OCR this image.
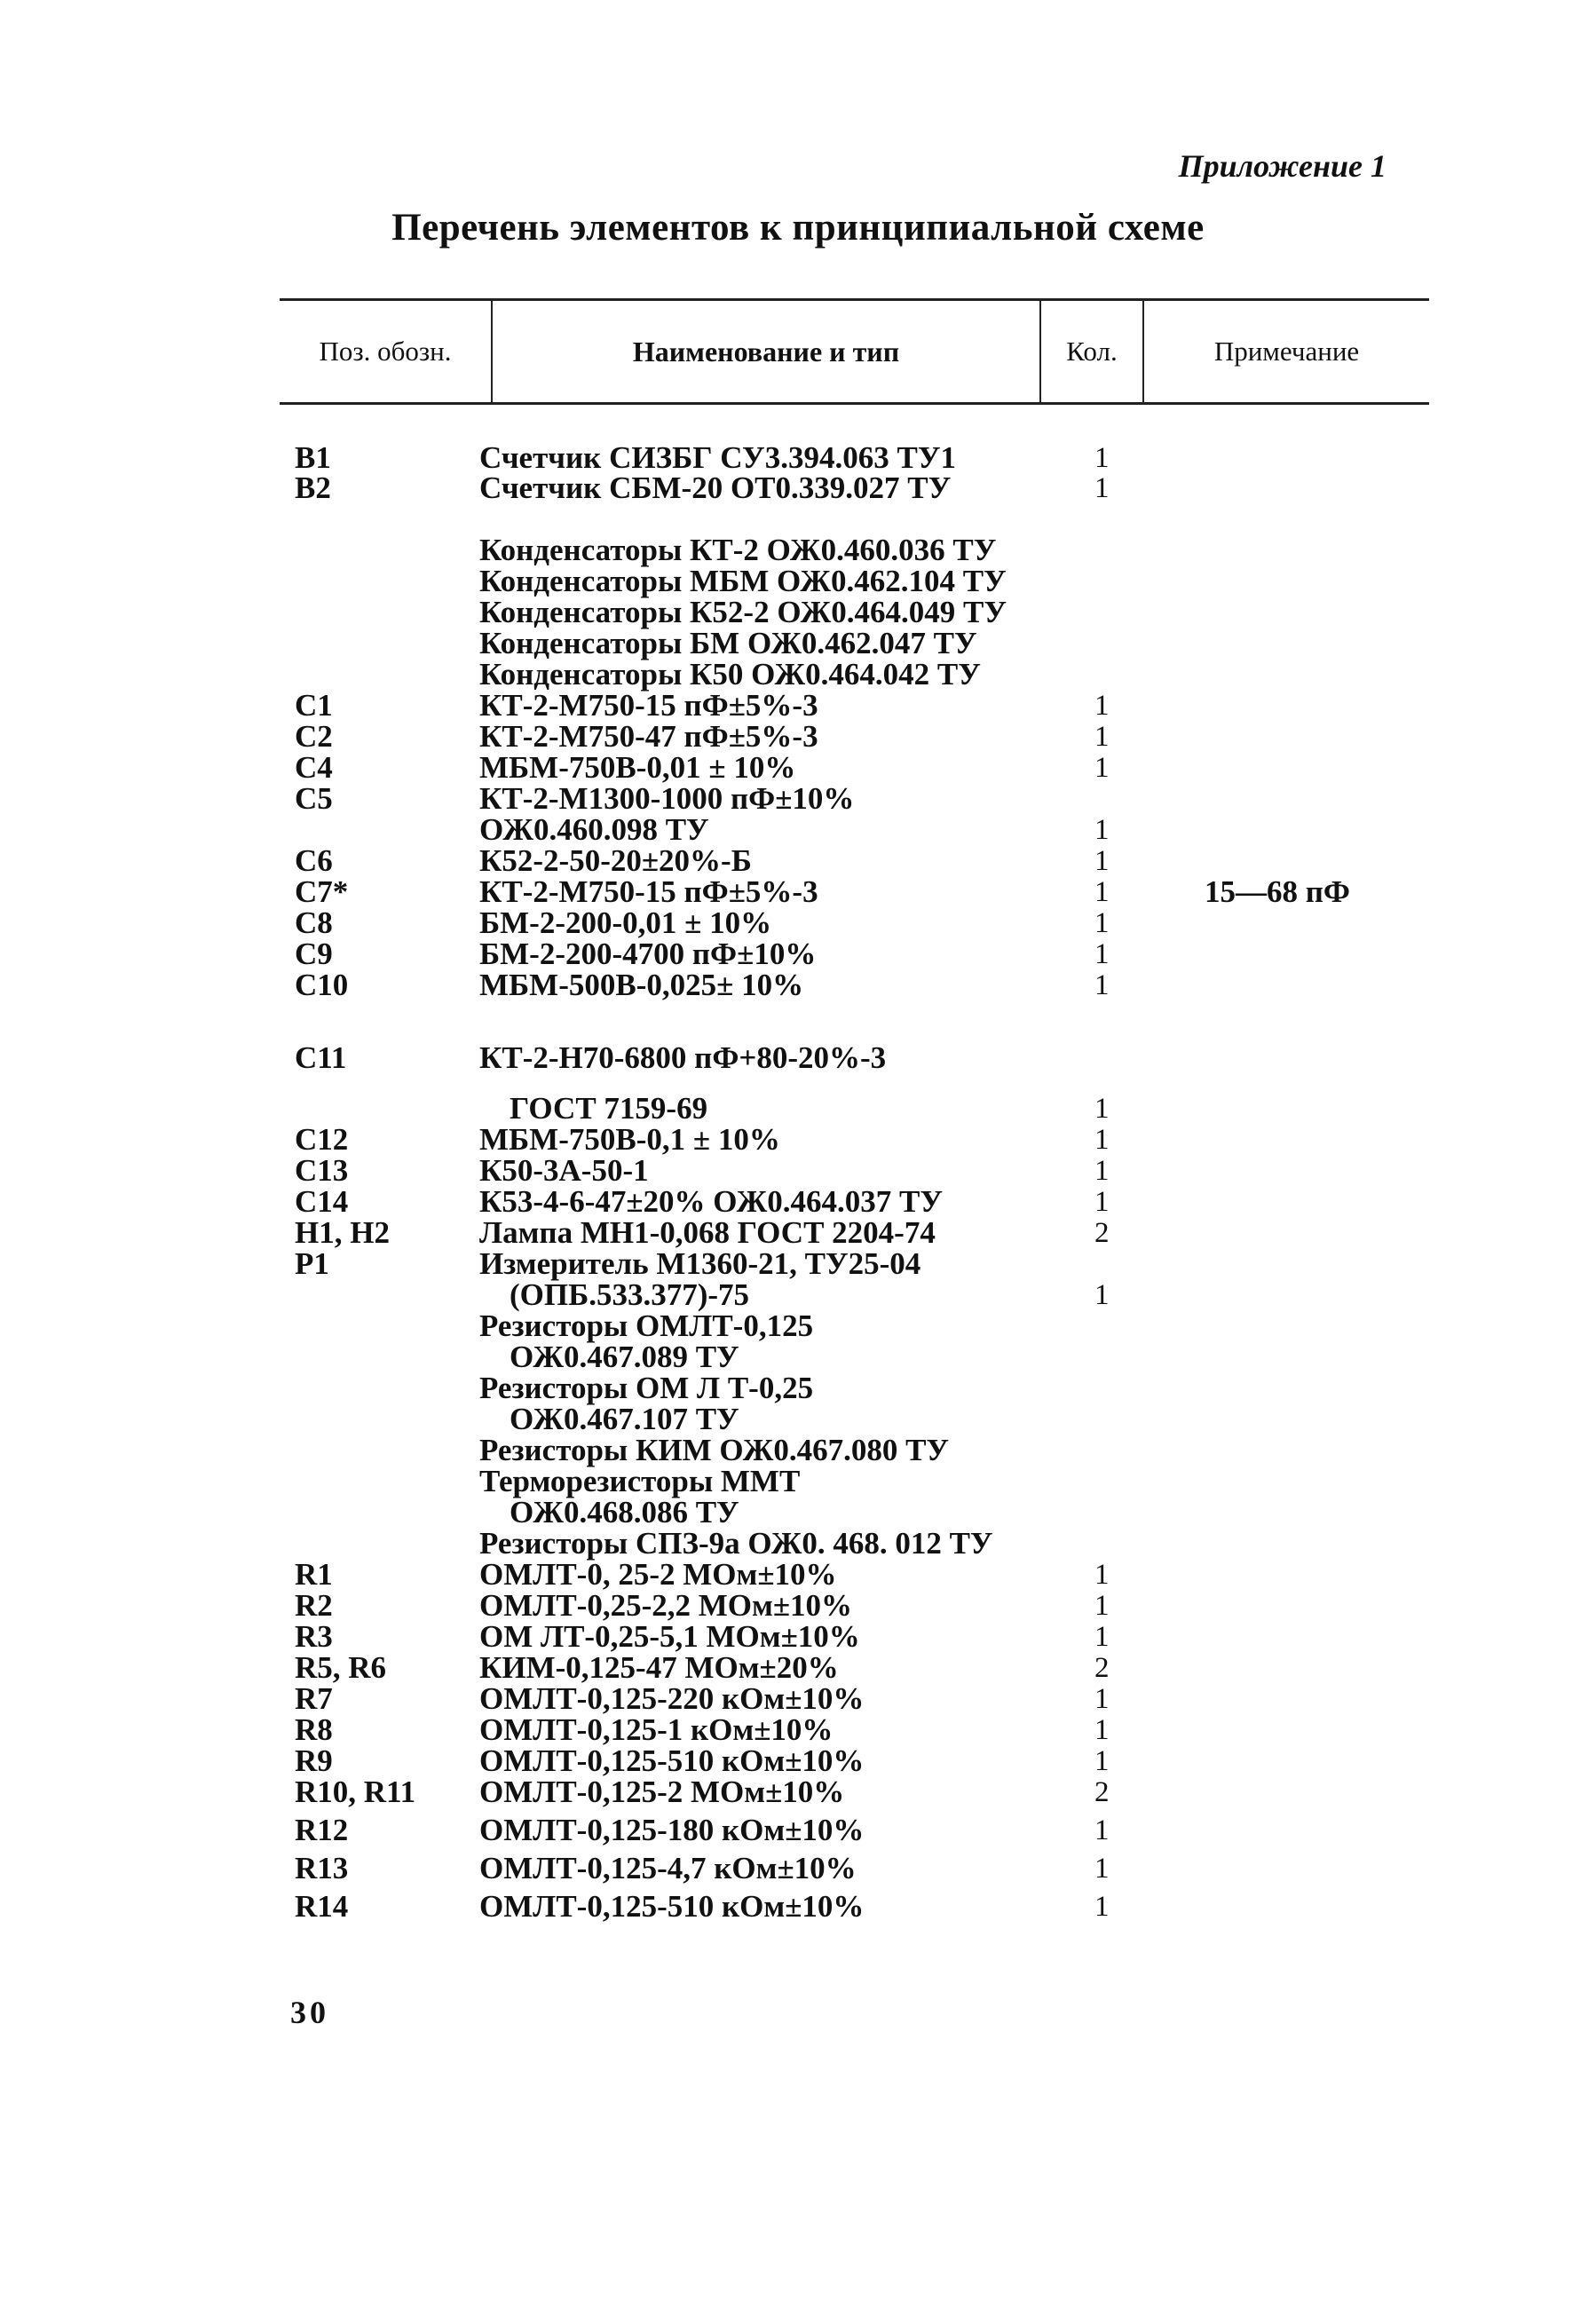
Приложение 1
Перечень элементов к принципиальной схеме
Поз. обозн.	Наименование и тип	Кол.	Примечание
B1	Счетчик СИЗБГ СУ3.394.063 ТУ1	1
B2	Счетчик СБМ-20 ОТ0.339.027 ТУ	1
Конденсаторы КТ-2 ОЖ0.460.036 ТУ
Конденсаторы МБМ ОЖ0.462.104 ТУ
Конденсаторы К52-2 ОЖ0.464.049 ТУ
Конденсаторы БМ ОЖ0.462.047 ТУ
Конденсаторы К50 ОЖ0.464.042 ТУ
C1	КТ-2-М750-15 пФ±5%-3	1
C2	КТ-2-М750-47 пФ±5%-3	1
C4	МБМ-750В-0,01 ± 10%	1
C5	КТ-2-М1300-1000 пФ±10%
ОЖ0.460.098 ТУ	1
C6	К52-2-50-20±20%-Б	1
C7*	КТ-2-М750-15 пФ±5%-3	1	15—68 пФ
C8	БМ-2-200-0,01 ± 10%	1
C9	БМ-2-200-4700 пФ±10%	1
C10	МБМ-500В-0,025± 10%	1
C11	КТ-2-Н70-6800 пФ+80-20%-3
ГОСТ 7159-69	1
C12	МБМ-750В-0,1 ± 10%	1
C13	К50-3А-50-1	1
C14	К53-4-6-47±20% ОЖ0.464.037 ТУ	1
H1, H2	Лампа МН1-0,068 ГОСТ 2204-74	2
P1	Измеритель М1360-21, ТУ25-04
(ОПБ.533.377)-75	1
Резисторы ОМЛТ-0,125
ОЖ0.467.089 ТУ
Резисторы ОМ Л Т-0,25
ОЖ0.467.107 ТУ
Резисторы КИМ ОЖ0.467.080 ТУ
Терморезисторы ММТ
ОЖ0.468.086 ТУ
Резисторы СПЗ-9а ОЖ0. 468. 012 ТУ
R1	ОМЛТ-0, 25-2 МОм±10%	1
R2	ОМЛТ-0,25-2,2 МОм±10%	1
R3	ОМ ЛТ-0,25-5,1 МОм±10%	1
R5, R6	КИМ-0,125-47 МОм±20%	2
R7	ОМЛТ-0,125-220 кОм±10%	1
R8	ОМЛТ-0,125-1 кОм±10%	1
R9	ОМЛТ-0,125-510 кОм±10%	1
R10, R11 ОМЛТ-0,125-2 МОм±10%	2
R12	ОМЛТ-0,125-180 кОм±10%	1
R13	ОМЛТ-0,125-4,7 кОм±10%	1
R14	ОМЛТ-0,125-510 кОм±10%	1
30
